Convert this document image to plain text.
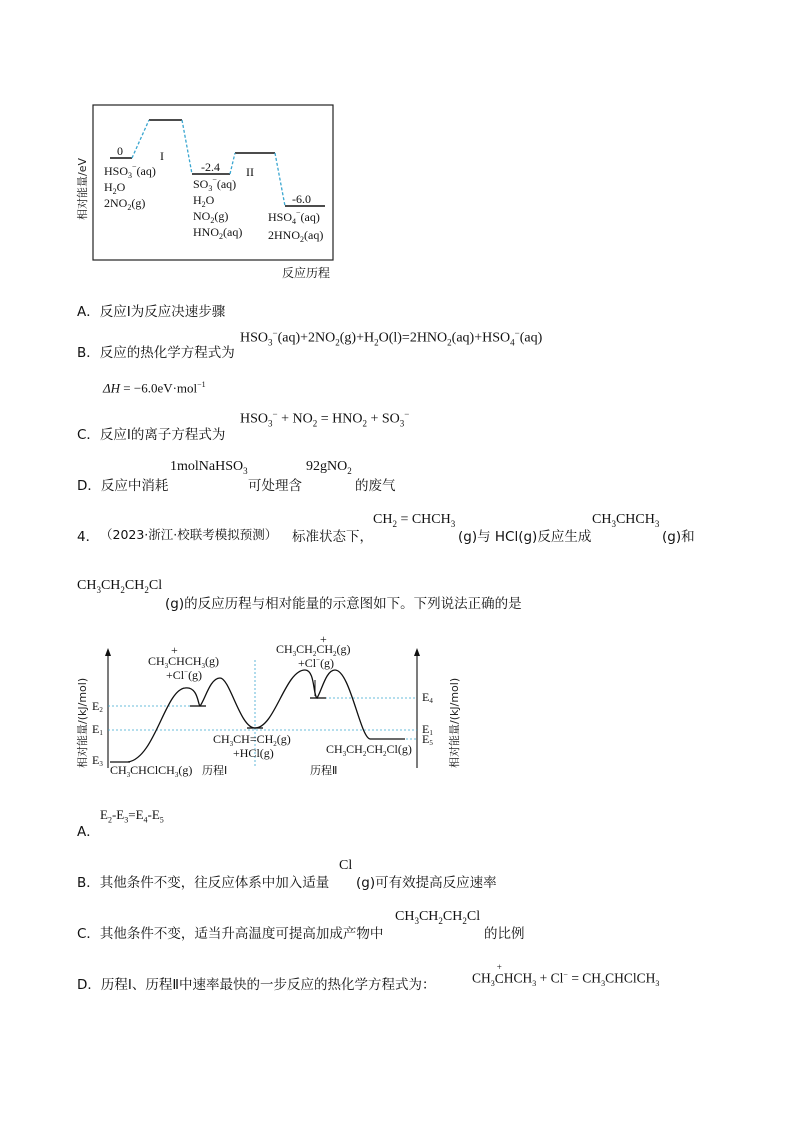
相对能量/eV
反应历程
I
II
0
$HSO_3^-(aq)$
$H_2O$
$2NO_2(g)$
-2.4
$SO_3^-(aq)$
$H_2O$
$NO_2(g)$
$HNO_2(aq)$
-6.0
$HSO_4^-(aq)$
$2HNO_2(aq)$
A．反应Ⅰ为反应决速步骤
B．反应的热化学方程式为
$HSO_3^-(aq)+2NO_2(g)+H_2O(l)=2HNO_2(aq)+HSO_4^-(aq)$
ΔH = −6.0eV·mol$^{-1}$
C．反应Ⅰ的离子方程式为
$HSO_3^- + NO_2 = HNO_2 + SO_3^-$
D．反应中消耗
1molNaHSO$_3$
可处理含
92gNO$_2$
的废气
4． （2023·浙江·校联考模拟预测） 标准状态下，
$CH_2$ = $CHCH_3$
(g)与 HCl(g)反应生成
$CH_3CHCH_3$
(g)和
$CH_3CH_2CH_2Cl$
(g)的反应历程与相对能量的示意图如下。下列说法正确的是
相对能量/(kJ/mol)	相对能量/(kJ/mol)
E2
E1
E3
E4
E1
E5
+
$CH_3CHCH_3(g)$
+Cl−(g)
+
$CH_3CH_2CH_2(g)$
+Cl−(g)
$CH_3CH=CH_2(g)$
+HCl(g)
$CH_3CHClCH_3(g)$
$CH_3CH_2CH_2Cl(g)$
历程Ⅰ	历程Ⅱ
A．
$E_2-E_3=E_4-E_5$
B．其他条件不变，往反应体系中加入适量
Cl
(g)可有效提高反应速率
C．其他条件不变，适当升高温度可提高加成产物中
$CH_3CH_2CH_2Cl$
的比例
D．历程Ⅰ、历程Ⅱ中速率最快的一步反应的热化学方程式为：	$CH_3C$
+
$HCH_3 + Cl^-$ = $CH_3CHClCH_3$
